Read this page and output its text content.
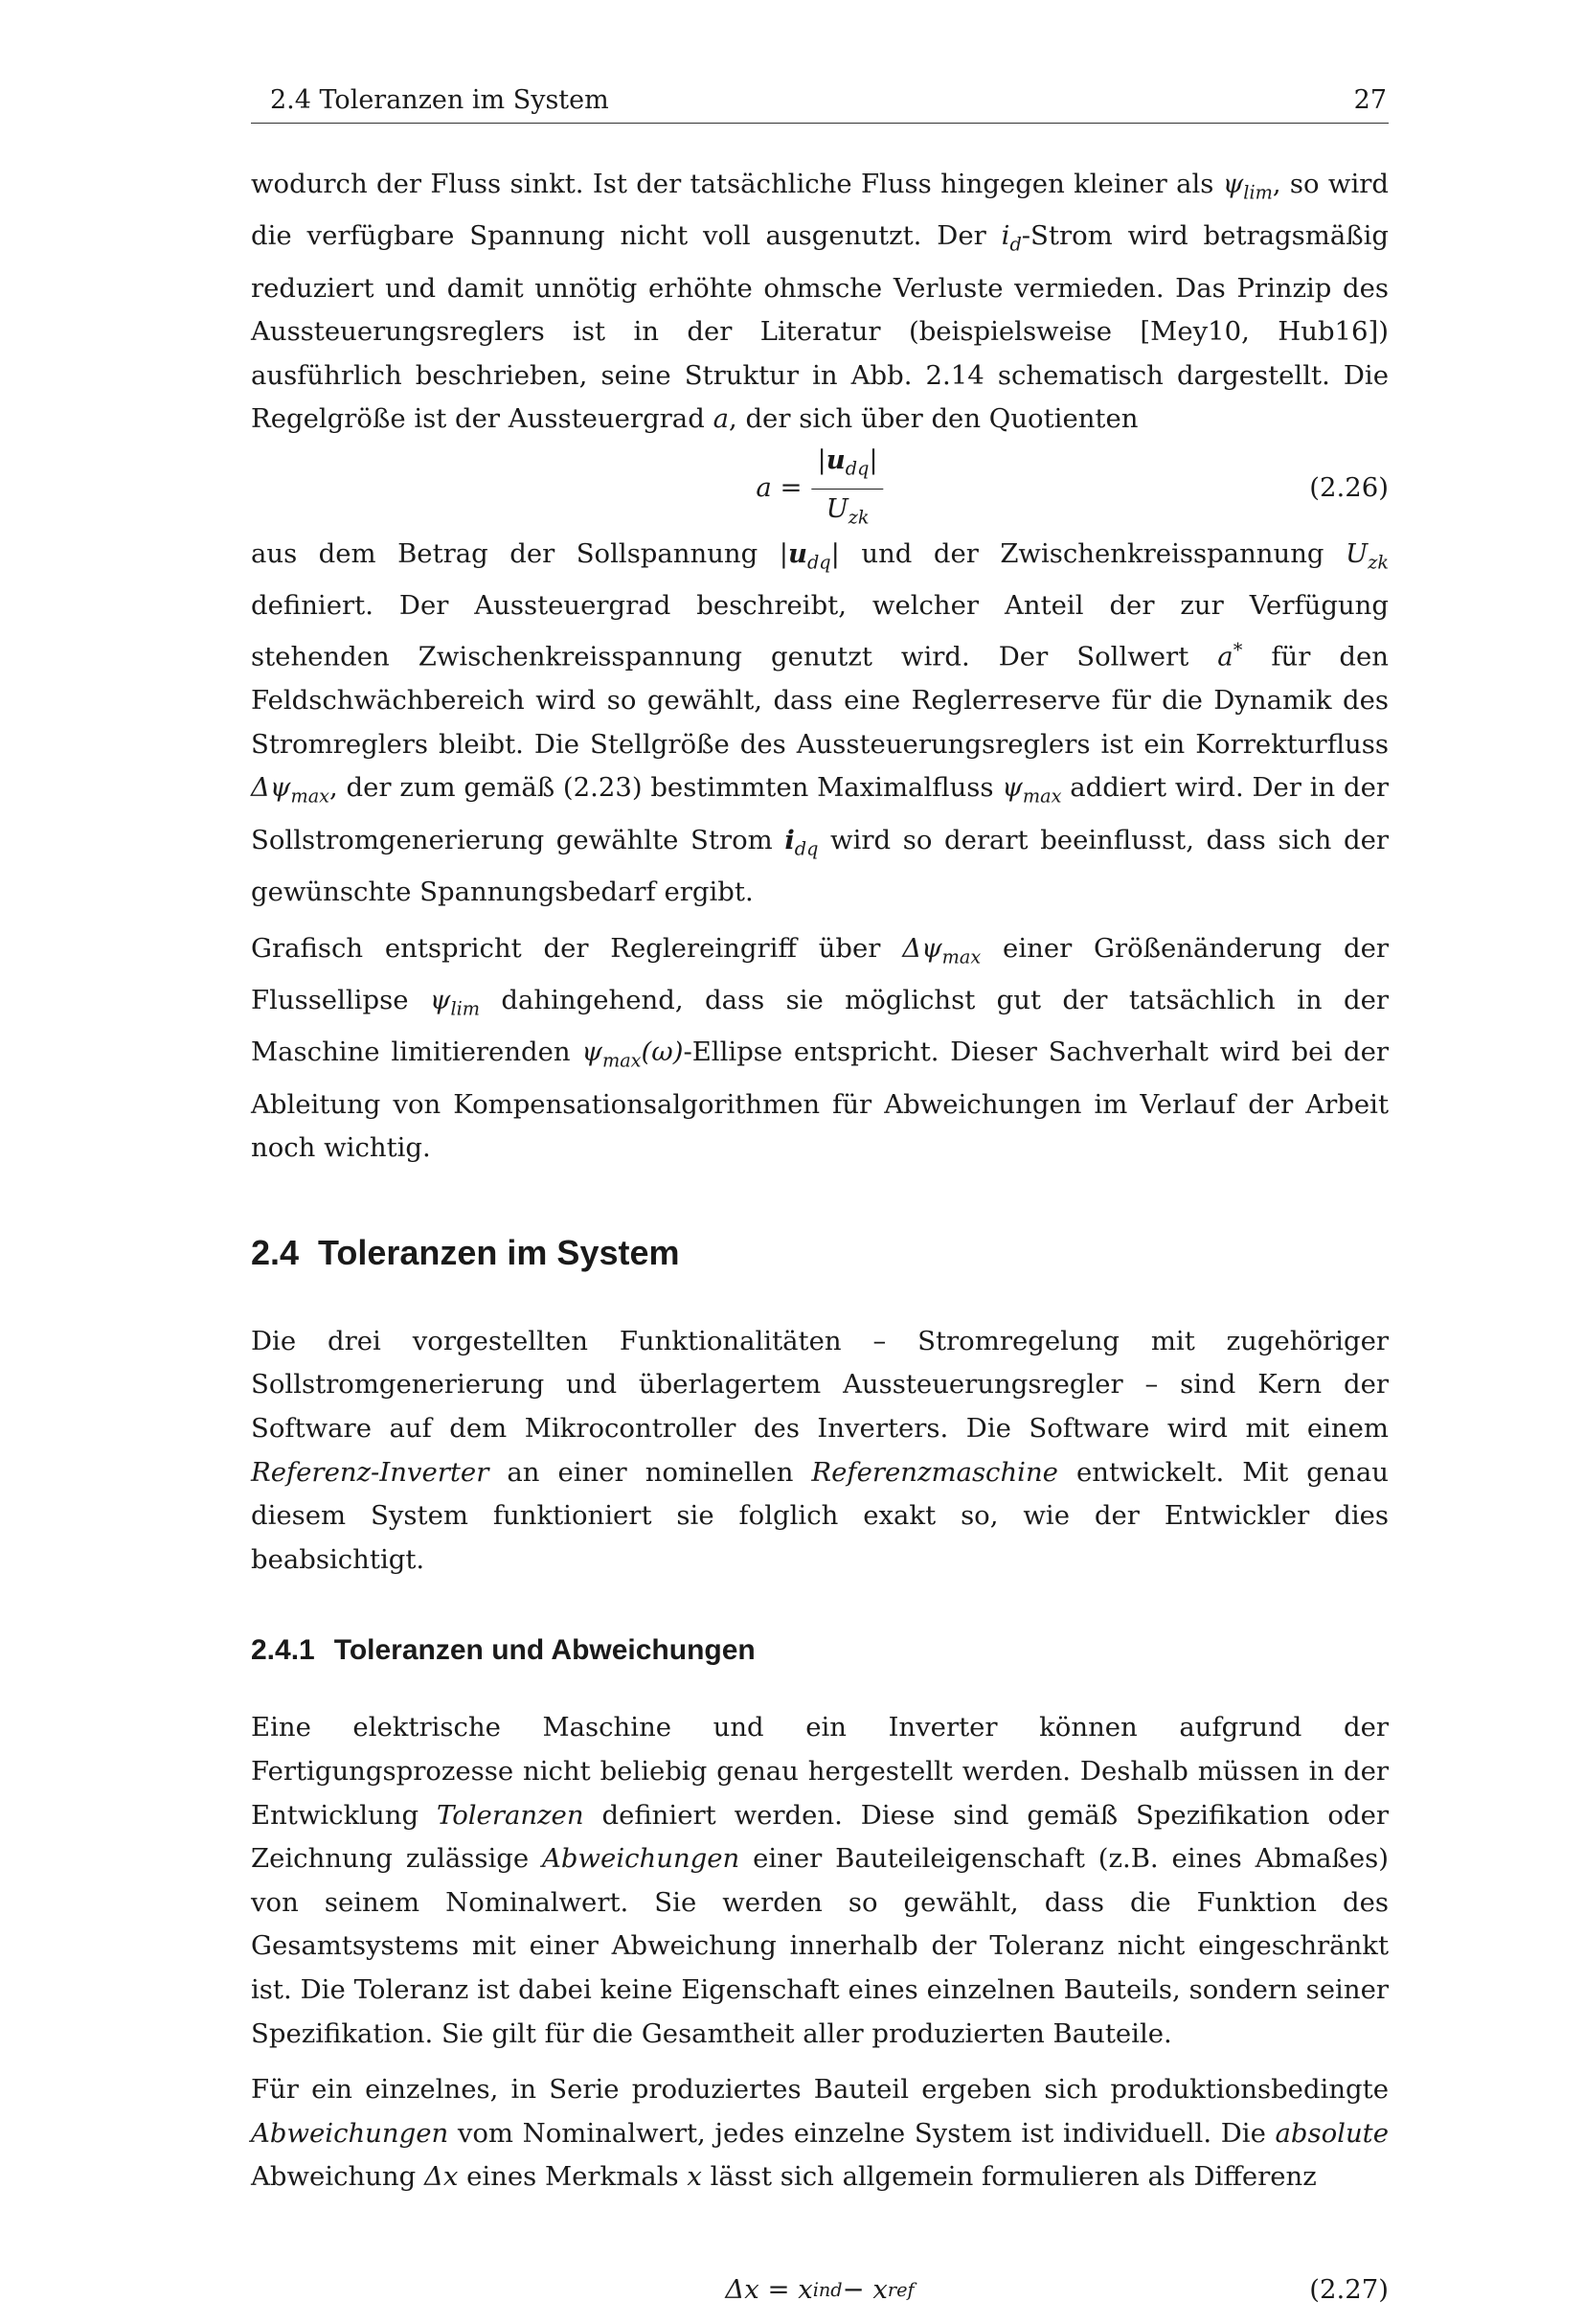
2.4 Toleranzen im System	27

wodurch der Fluss sinkt. Ist der tatsächliche Fluss hingegen kleiner als $\psi_{lim}$, so wird die verfügbare Spannung nicht voll ausgenutzt. Der $i_d$-Strom wird betragsmäßig reduziert und damit unnötig erhöhte ohmsche Verluste vermieden. Das Prinzip des Aussteuerungsreglers ist in der Literatur (beispielsweise [Mey10, Hub16]) ausführlich beschrieben, seine Struktur in Abb. 2.14 schematisch dargestellt. Die Regelgröße ist der Aussteuergrad a, der sich über den Quotienten

$a = \frac{|u_{dq}|}{U_{zk}}$	(2.26)

aus dem Betrag der Sollspannung $|u_{dq}|$ und der Zwischenkreisspannung $U_{zk}$ definiert. Der Aussteuergrad beschreibt, welcher Anteil der zur Verfügung stehenden Zwischenkreisspannung genutzt wird. Der Sollwert a* für den Feldschwächbereich wird so gewählt, dass eine Reglerreserve für die Dynamik des Stromreglers bleibt. Die Stellgröße des Aussteuerungsreglers ist ein Korrekturfluss $\Delta\psi_{max}$, der zum gemäß (2.23) bestimmten Maximalfluss $\psi_{max}$ addiert wird. Der in der Sollstromgenerierung gewählte Strom $i_{dq}$ wird so derart beeinflusst, dass sich der gewünschte Spannungsbedarf ergibt.

Grafisch entspricht der Reglereingriff über $\Delta\psi_{max}$ einer Größenänderung der Flussellipse $\psi_{lim}$ dahingehend, dass sie möglichst gut der tatsächlich in der Maschine limitierenden $\psi_{max}(\omega)$-Ellipse entspricht. Dieser Sachverhalt wird bei der Ableitung von Kompensationsalgorithmen für Abweichungen im Verlauf der Arbeit noch wichtig.

2.4 Toleranzen im System

Die drei vorgestellten Funktionalitäten – Stromregelung mit zugehöriger Sollstromgenerierung und überlagertem Aussteuerungsregler – sind Kern der Software auf dem Mikrocontroller des Inverters. Die Software wird mit einem Referenz-Inverter an einer nominellen Referenzmaschine entwickelt. Mit genau diesem System funktioniert sie folglich exakt so, wie der Entwickler dies beabsichtigt.

2.4.1 Toleranzen und Abweichungen

Eine elektrische Maschine und ein Inverter können aufgrund der Fertigungsprozesse nicht beliebig genau hergestellt werden. Deshalb müssen in der Entwicklung Toleranzen definiert werden. Diese sind gemäß Spezifikation oder Zeichnung zulässige Abweichungen einer Bauteileigenschaft (z.B. eines Abmaßes) von seinem Nominalwert. Sie werden so gewählt, dass die Funktion des Gesamtsystems mit einer Abweichung innerhalb der Toleranz nicht eingeschränkt ist. Die Toleranz ist dabei keine Eigenschaft eines einzelnen Bauteils, sondern seiner Spezifikation. Sie gilt für die Gesamtheit aller produzierten Bauteile.

Für ein einzelnes, in Serie produziertes Bauteil ergeben sich produktionsbedingte Abweichungen vom Nominalwert, jedes einzelne System ist individuell. Die absolute Abweichung Δx eines Merkmals x lässt sich allgemein formulieren als Differenz

Δx = x ind − x ref	(2.27)
